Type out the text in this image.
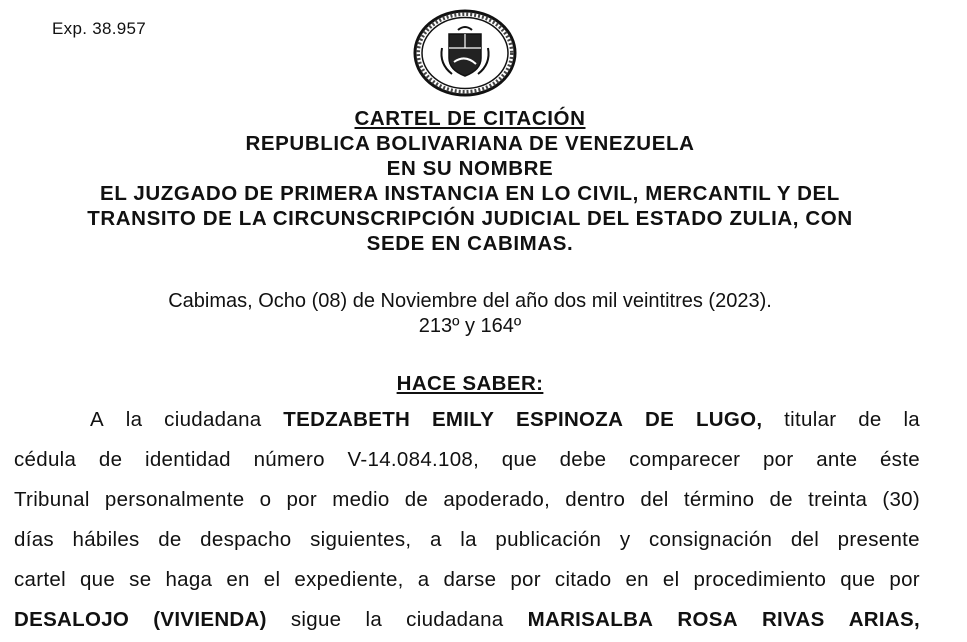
Exp. 38.957
CARTEL DE CITACIÓN
REPUBLICA BOLIVARIANA DE VENEZUELA
EN SU NOMBRE
EL JUZGADO DE PRIMERA INSTANCIA EN LO CIVIL, MERCANTIL Y DEL
TRANSITO DE LA CIRCUNSCRIPCIÓN JUDICIAL DEL ESTADO ZULIA, CON
SEDE EN CABIMAS.
Cabimas, Ocho (08) de Noviembre del año dos mil veintitres (2023).
213º y 164º
HACE SABER:
A la ciudadana TEDZABETH EMILY ESPINOZA DE LUGO, titular de la
cédula de identidad número V-14.084.108, que debe comparecer por ante éste
Tribunal personalmente o por medio de apoderado, dentro del término de treinta (30)
días hábiles de despacho siguientes, a la publicación y consignación del presente
cartel que se haga en el expediente, a darse por citado en el procedimiento que por
DESALOJO (VIVIENDA) sigue la ciudadana MARISALBA ROSA RIVAS ARIAS,
